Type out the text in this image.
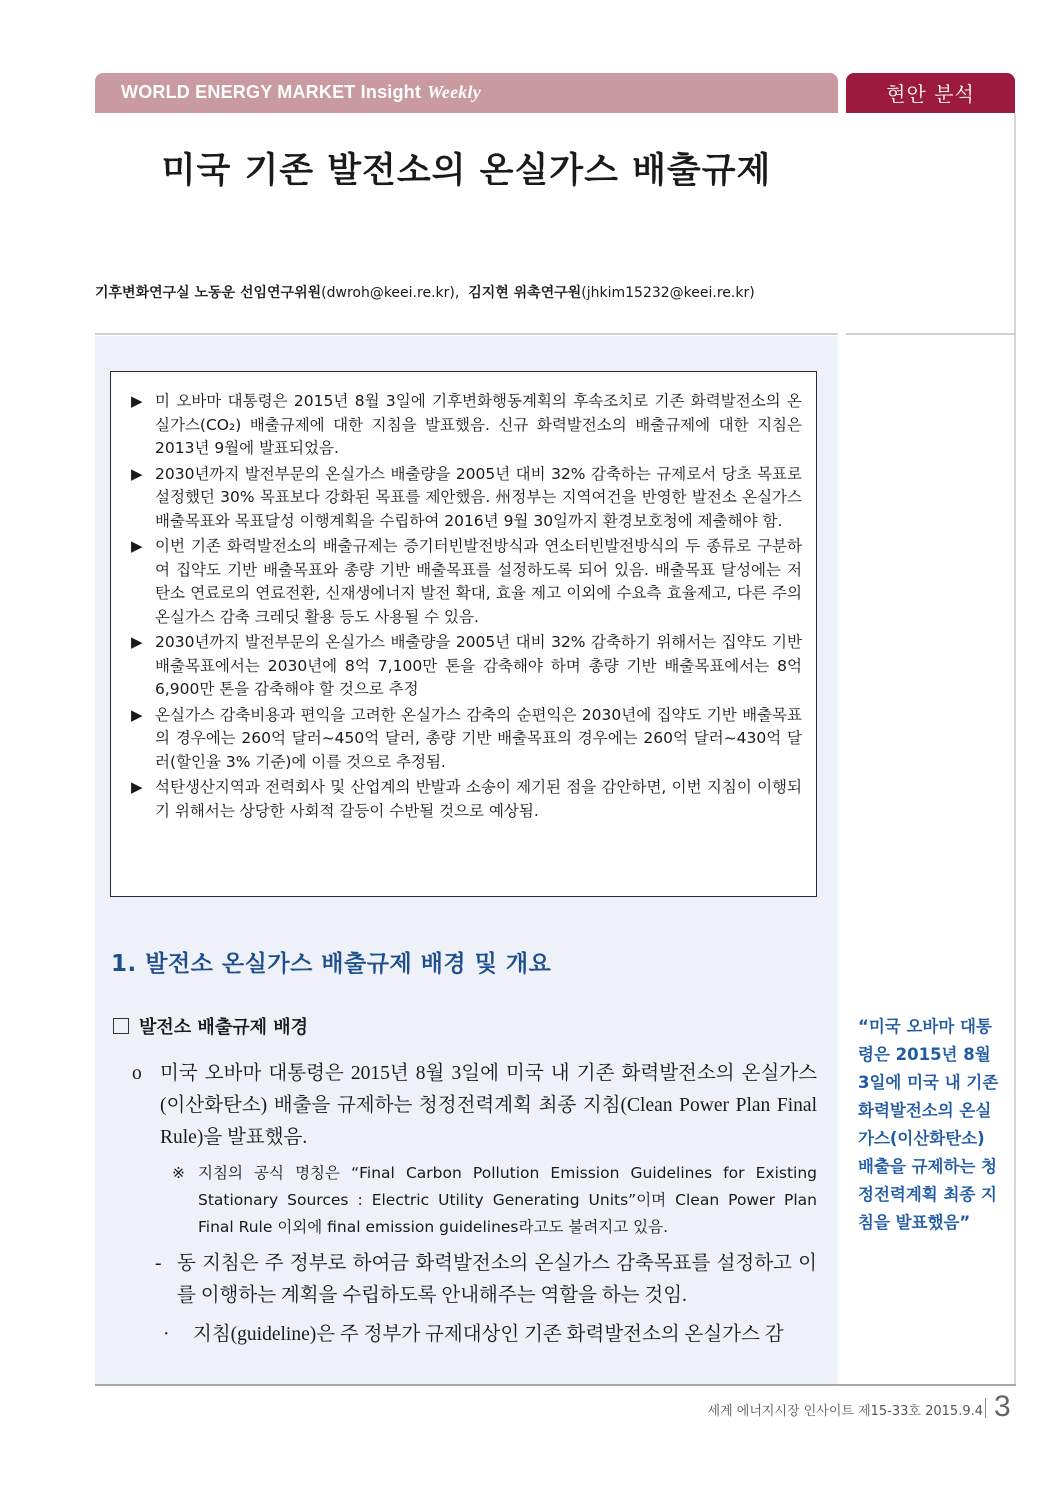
WORLD ENERGY MARKET Insight Weekly	현안 분석
미국 기존 발전소의 온실가스 배출규제
기후변화연구실 노동운 선임연구위원(dwroh@keei.re.kr), 김지현 위촉연구원(jhkim15232@keei.re.kr)
▶ 미 오바마 대통령은 2015년 8월 3일에 기후변화행동계획의 후속조치로 기존 화력발전소의 온실가스(CO₂) 배출규제에 대한 지침을 발표했음. 신규 화력발전소의 배출규제에 대한 지침은 2013년 9월에 발표되었음.
▶ 2030년까지 발전부문의 온실가스 배출량을 2005년 대비 32% 감축하는 규제로서 당초 목표로 설정했던 30% 목표보다 강화된 목표를 제안했음. 州정부는 지역여건을 반영한 발전소 온실가스 배출목표와 목표달성 이행계획을 수립하여 2016년 9월 30일까지 환경보호청에 제출해야 함.
▶ 이번 기존 화력발전소의 배출규제는 증기터빈발전방식과 연소터빈발전방식의 두 종류로 구분하여 집약도 기반 배출목표와 총량 기반 배출목표를 설정하도록 되어 있음. 배출목표 달성에는 저탄소 연료로의 연료전환, 신재생에너지 발전 확대, 효율 제고 이외에 수요측 효율제고, 다른 주의 온실가스 감축 크레딧 활용 등도 사용될 수 있음.
▶ 2030년까지 발전부문의 온실가스 배출량을 2005년 대비 32% 감축하기 위해서는 집약도 기반 배출목표에서는 2030년에 8억 7,100만 톤을 감축해야 하며 총량 기반 배출목표에서는 8억 6,900만 톤을 감축해야 할 것으로 추정
▶ 온실가스 감축비용과 편익을 고려한 온실가스 감축의 순편익은 2030년에 집약도 기반 배출목표의 경우에는 260억 달러~450억 달러, 총량 기반 배출목표의 경우에는 260억 달러~430억 달러(할인율 3% 기준)에 이를 것으로 추정됨.
▶ 석탄생산지역과 전력회사 및 산업계의 반발과 소송이 제기된 점을 감안하면, 이번 지침이 이행되기 위해서는 상당한 사회적 갈등이 수반될 것으로 예상됨.
1. 발전소 온실가스 배출규제 배경 및 개요
발전소 배출규제 배경
o 미국 오바마 대통령은 2015년 8월 3일에 미국 내 기존 화력발전소의 온실가스(이산화탄소) 배출을 규제하는 청정전력계획 최종 지침(Clean Power Plan Final Rule)을 발표했음.
※ 지침의 공식 명칭은 “Final Carbon Pollution Emission Guidelines for Existing Stationary Sources : Electric Utility Generating Units”이며 Clean Power Plan Final Rule 이외에 final emission guidelines라고도 불려지고 있음.
- 동 지침은 주 정부로 하여금 화력발전소의 온실가스 감축목표를 설정하고 이를 이행하는 계획을 수립하도록 안내해주는 역할을 하는 것임.
· 지침(guideline)은 주 정부가 규제대상인 기존 화력발전소의 온실가스 감
“미국 오바마 대통령은 2015년 8월 3일에 미국 내 기존 화력발전소의 온실가스(이산화탄소) 배출을 규제하는 청정전력계획 최종 지침을 발표했음”
세계 에너지시장 인사이트 제15-33호 2015.9.4 3
